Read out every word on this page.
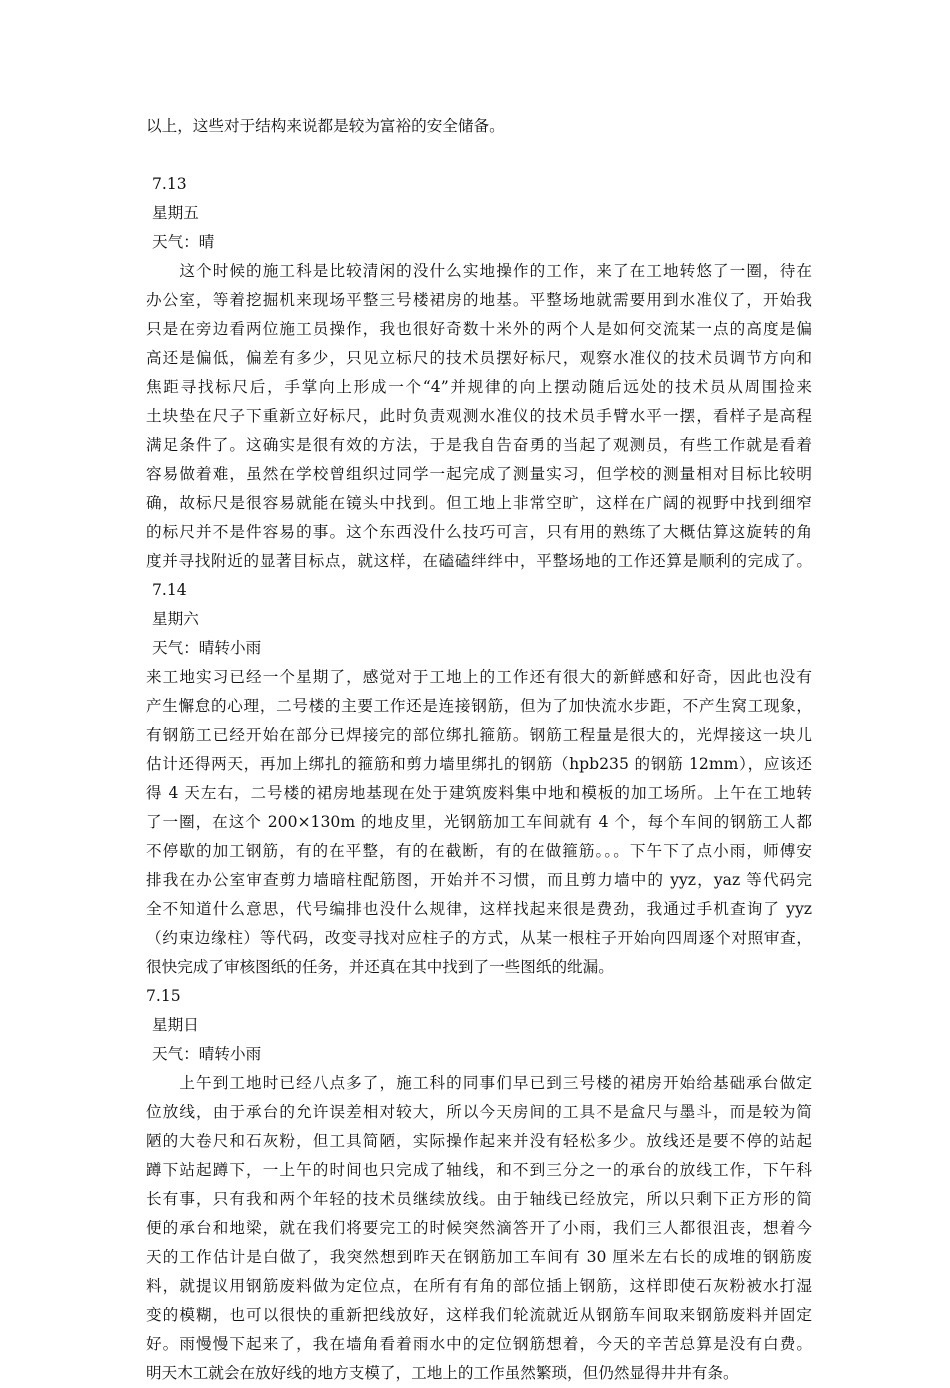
以上，这些对于结构来说都是较为富裕的安全储备。
7.13
星期五
天气：晴
　　这个时候的施工科是比较清闲的没什么实地操作的工作，来了在工地转悠了一圈，待在
办公室，等着挖掘机来现场平整三号楼裙房的地基。平整场地就需要用到水准仪了，开始我
只是在旁边看两位施工员操作，我也很好奇数十米外的两个人是如何交流某一点的高度是偏
高还是偏低，偏差有多少，只见立标尺的技术员摆好标尺，观察水准仪的技术员调节方向和
焦距寻找标尺后，手掌向上形成一个“4”并规律的向上摆动随后远处的技术员从周围捡来
土块垫在尺子下重新立好标尺，此时负责观测水准仪的技术员手臂水平一摆，看样子是高程
满足条件了。这确实是很有效的方法，于是我自告奋勇的当起了观测员，有些工作就是看着
容易做着难，虽然在学校曾组织过同学一起完成了测量实习，但学校的测量相对目标比较明
确，故标尺是很容易就能在镜头中找到。但工地上非常空旷，这样在广阔的视野中找到细窄
的标尺并不是件容易的事。这个东西没什么技巧可言，只有用的熟练了大概估算这旋转的角
度并寻找附近的显著目标点，就这样，在磕磕绊绊中，平整场地的工作还算是顺利的完成了。
7.14
星期六
天气：晴转小雨
来工地实习已经一个星期了，感觉对于工地上的工作还有很大的新鲜感和好奇，因此也没有
产生懈怠的心理，二号楼的主要工作还是连接钢筋，但为了加快流水步距，不产生窝工现象，
有钢筋工已经开始在部分已焊接完的部位绑扎箍筋。钢筋工程量是很大的，光焊接这一块儿
估计还得两天，再加上绑扎的箍筋和剪力墙里绑扎的钢筋（hpb235 的钢筋 12mm），应该还
得 4 天左右，二号楼的裙房地基现在处于建筑废料集中地和模板的加工场所。上午在工地转
了一圈，在这个 200×130m 的地皮里，光钢筋加工车间就有 4 个，每个车间的钢筋工人都
不停歇的加工钢筋，有的在平整，有的在截断，有的在做箍筋。。。下午下了点小雨，师傅安
排我在办公室审查剪力墙暗柱配筋图，开始并不习惯，而且剪力墙中的 yyz，yaz 等代码完
全不知道什么意思，代号编排也没什么规律，这样找起来很是费劲，我通过手机查询了 yyz
（约束边缘柱）等代码，改变寻找对应柱子的方式，从某一根柱子开始向四周逐个对照审查，
很快完成了审核图纸的任务，并还真在其中找到了一些图纸的纰漏。
7.15
星期日
天气：晴转小雨
　　上午到工地时已经八点多了，施工科的同事们早已到三号楼的裙房开始给基础承台做定
位放线，由于承台的允许误差相对较大，所以今天房间的工具不是盒尺与墨斗，而是较为简
陋的大卷尺和石灰粉，但工具简陋，实际操作起来并没有轻松多少。放线还是要不停的站起
蹲下站起蹲下，一上午的时间也只完成了轴线，和不到三分之一的承台的放线工作，下午科
长有事，只有我和两个年轻的技术员继续放线。由于轴线已经放完，所以只剩下正方形的简
便的承台和地梁，就在我们将要完工的时候突然滴答开了小雨，我们三人都很沮丧，想着今
天的工作估计是白做了，我突然想到昨天在钢筋加工车间有 30 厘米左右长的成堆的钢筋废
料，就提议用钢筋废料做为定位点，在所有有角的部位插上钢筋，这样即使石灰粉被水打湿
变的模糊，也可以很快的重新把线放好，这样我们轮流就近从钢筋车间取来钢筋废料并固定
好。雨慢慢下起来了，我在墙角看着雨水中的定位钢筋想着，今天的辛苦总算是没有白费。
明天木工就会在放好线的地方支模了，工地上的工作虽然繁琐，但仍然显得井井有条。
